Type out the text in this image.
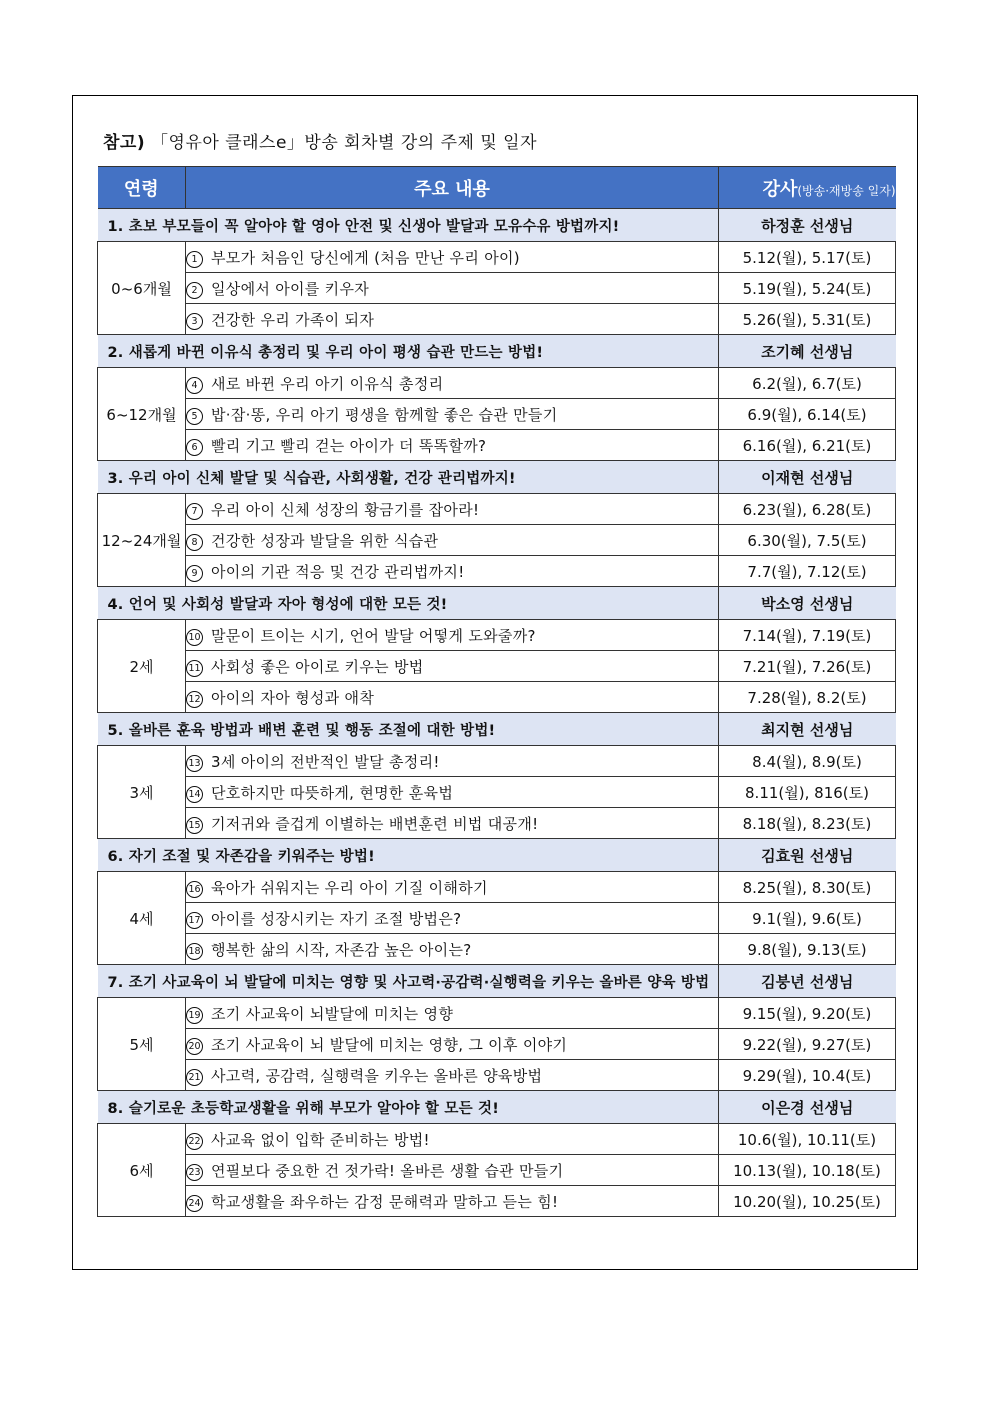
참고) 「영유아 클래스e」방송 회차별 강의 주제 및 일자
연령	주요 내용	강사(방송·재방송 일자)
1. 초보 부모들이 꼭 알아야 할 영아 안전 및 신생아 발달과 모유수유 방법까지!		하정훈 선생님
0~6개월	1 부모가 처음인 당신에게 (처음 만난 우리 아이)	5.12(월), 5.17(토)
	2 일상에서 아이를 키우자	5.19(월), 5.24(토)
	3 건강한 우리 가족이 되자	5.26(월), 5.31(토)
2. 새롭게 바뀐 이유식 총정리 및 우리 아이 평생 습관 만드는 방법!		조기혜 선생님
6~12개월	4 새로 바뀐 우리 아기 이유식 총정리	6.2(월), 6.7(토)
	5 밥·잠·똥, 우리 아기 평생을 함께할 좋은 습관 만들기	6.9(월), 6.14(토)
	6 빨리 기고 빨리 걷는 아이가 더 똑똑할까?	6.16(월), 6.21(토)
3. 우리 아이 신체 발달 및 식습관, 사회생활, 건강 관리법까지!		이재현 선생님
12~24개월	7 우리 아이 신체 성장의 황금기를 잡아라!	6.23(월), 6.28(토)
	8 건강한 성장과 발달을 위한 식습관	6.30(월), 7.5(토)
	9 아이의 기관 적응 및 건강 관리법까지!	7.7(월), 7.12(토)
4. 언어 및 사회성 발달과 자아 형성에 대한 모든 것!		박소영 선생님
2세	10 말문이 트이는 시기, 언어 발달 어떻게 도와줄까?	7.14(월), 7.19(토)
	11 사회성 좋은 아이로 키우는 방법	7.21(월), 7.26(토)
	12 아이의 자아 형성과 애착	7.28(월), 8.2(토)
5. 올바른 훈육 방법과 배변 훈련 및 행동 조절에 대한 방법!		최지현 선생님
3세	13 3세 아이의 전반적인 발달 총정리!	8.4(월), 8.9(토)
	14 단호하지만 따뜻하게, 현명한 훈육법	8.11(월), 816(토)
	15 기저귀와 즐겁게 이별하는 배변훈련 비법 대공개!	8.18(월), 8.23(토)
6. 자기 조절 및 자존감을 키워주는 방법!		김효원 선생님
4세	16 육아가 쉬워지는 우리 아이 기질 이해하기	8.25(월), 8.30(토)
	17 아이를 성장시키는 자기 조절 방법은?	9.1(월), 9.6(토)
	18 행복한 삶의 시작, 자존감 높은 아이는?	9.8(월), 9.13(토)
7. 조기 사교육이 뇌 발달에 미치는 영향 및 사고력·공감력·실행력을 키우는 올바른 양육 방법		김붕년 선생님
5세	19 조기 사교육이 뇌발달에 미치는 영향	9.15(월), 9.20(토)
	20 조기 사교육이 뇌 발달에 미치는 영향, 그 이후 이야기	9.22(월), 9.27(토)
	21 사고력, 공감력, 실행력을 키우는 올바른 양육방법	9.29(월), 10.4(토)
8. 슬기로운 초등학교생활을 위해 부모가 알아야 할 모든 것!		이은경 선생님
6세	22 사교육 없이 입학 준비하는 방법!	10.6(월), 10.11(토)
	23 연필보다 중요한 건 젓가락! 올바른 생활 습관 만들기	10.13(월), 10.18(토)
	24 학교생활을 좌우하는 감정 문해력과 말하고 듣는 힘!	10.20(월), 10.25(토)
